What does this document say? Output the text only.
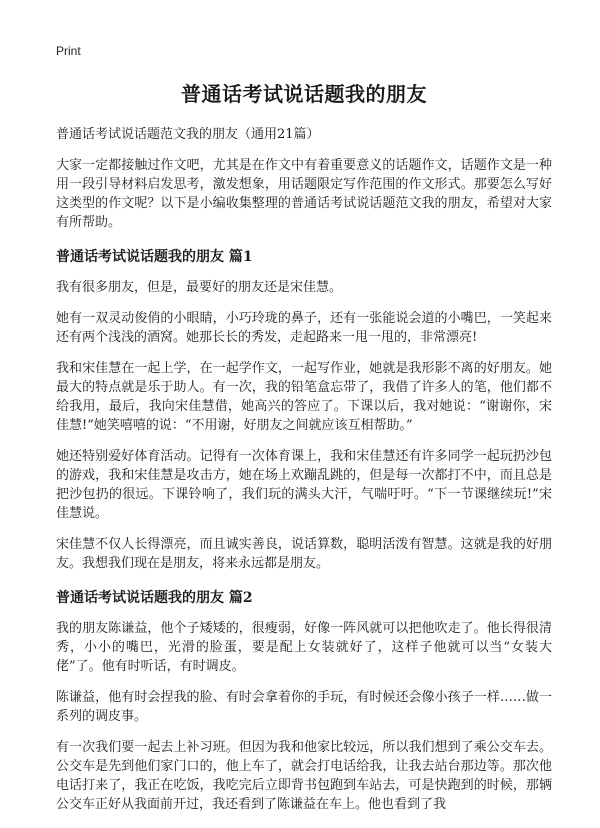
Print
普通话考试说话题我的朋友
普通话考试说话题范文我的朋友（通用21篇）

大家一定都接触过作文吧，尤其是在作文中有着重要意义的话题作文，话题作文是一种用一段引导材料启发思考，激发想象，用话题限定写作范围的作文形式。那要怎么写好这类型的作文呢？以下是小编收集整理的普通话考试说话题范文我的朋友，希望对大家有所帮助。

普通话考试说话题我的朋友 篇1

我有很多朋友，但是，最要好的朋友还是宋佳慧。

她有一双灵动俊俏的小眼睛，小巧玲珑的鼻子，还有一张能说会道的小嘴巴，一笑起来还有两个浅浅的酒窝。她那长长的秀发，走起路来一甩一甩的，非常漂亮!

我和宋佳慧在一起上学，在一起学作文，一起写作业，她就是我形影不离的好朋友。她最大的特点就是乐于助人。有一次，我的铅笔盒忘带了，我借了许多人的笔，他们都不给我用，最后，我向宋佳慧借，她高兴的答应了。下课以后，我对她说：“谢谢你，宋佳慧!”她笑嘻嘻的说：“不用谢，好朋友之间就应该互相帮助。”

她还特别爱好体育活动。记得有一次体育课上，我和宋佳慧还有许多同学一起玩扔沙包的游戏，我和宋佳慧是攻击方，她在场上欢蹦乱跳的，但是每一次都打不中，而且总是把沙包扔的很远。下课铃响了，我们玩的满头大汗，气喘吁吁。“下一节课继续玩!”宋佳慧说。

宋佳慧不仅人长得漂亮，而且诚实善良，说话算数，聪明活泼有智慧。这就是我的好朋友。我想我们现在是朋友，将来永远都是朋友。

普通话考试说话题我的朋友 篇2

我的朋友陈谦益，他个子矮矮的，很瘦弱，好像一阵风就可以把他吹走了。他长得很清秀，小小的嘴巴，光滑的脸蛋，要是配上女装就好了，这样子他就可以当“女装大佬”了。他有时听话，有时调皮。

陈谦益，他有时会捏我的脸、有时会拿着你的手玩，有时候还会像小孩子一样……做一系列的调皮事。

有一次我们要一起去上补习班。但因为我和他家比较远，所以我们想到了乘公交车去。公交车是先到他们家门口的，他上车了，就会打电话给我，让我去站台那边等。那次他电话打来了，我正在吃饭，我吃完后立即背书包跑到车站去，可是快跑到的时候，那辆公交车正好从我面前开过，我还看到了陈谦益在车上。他也看到了我
